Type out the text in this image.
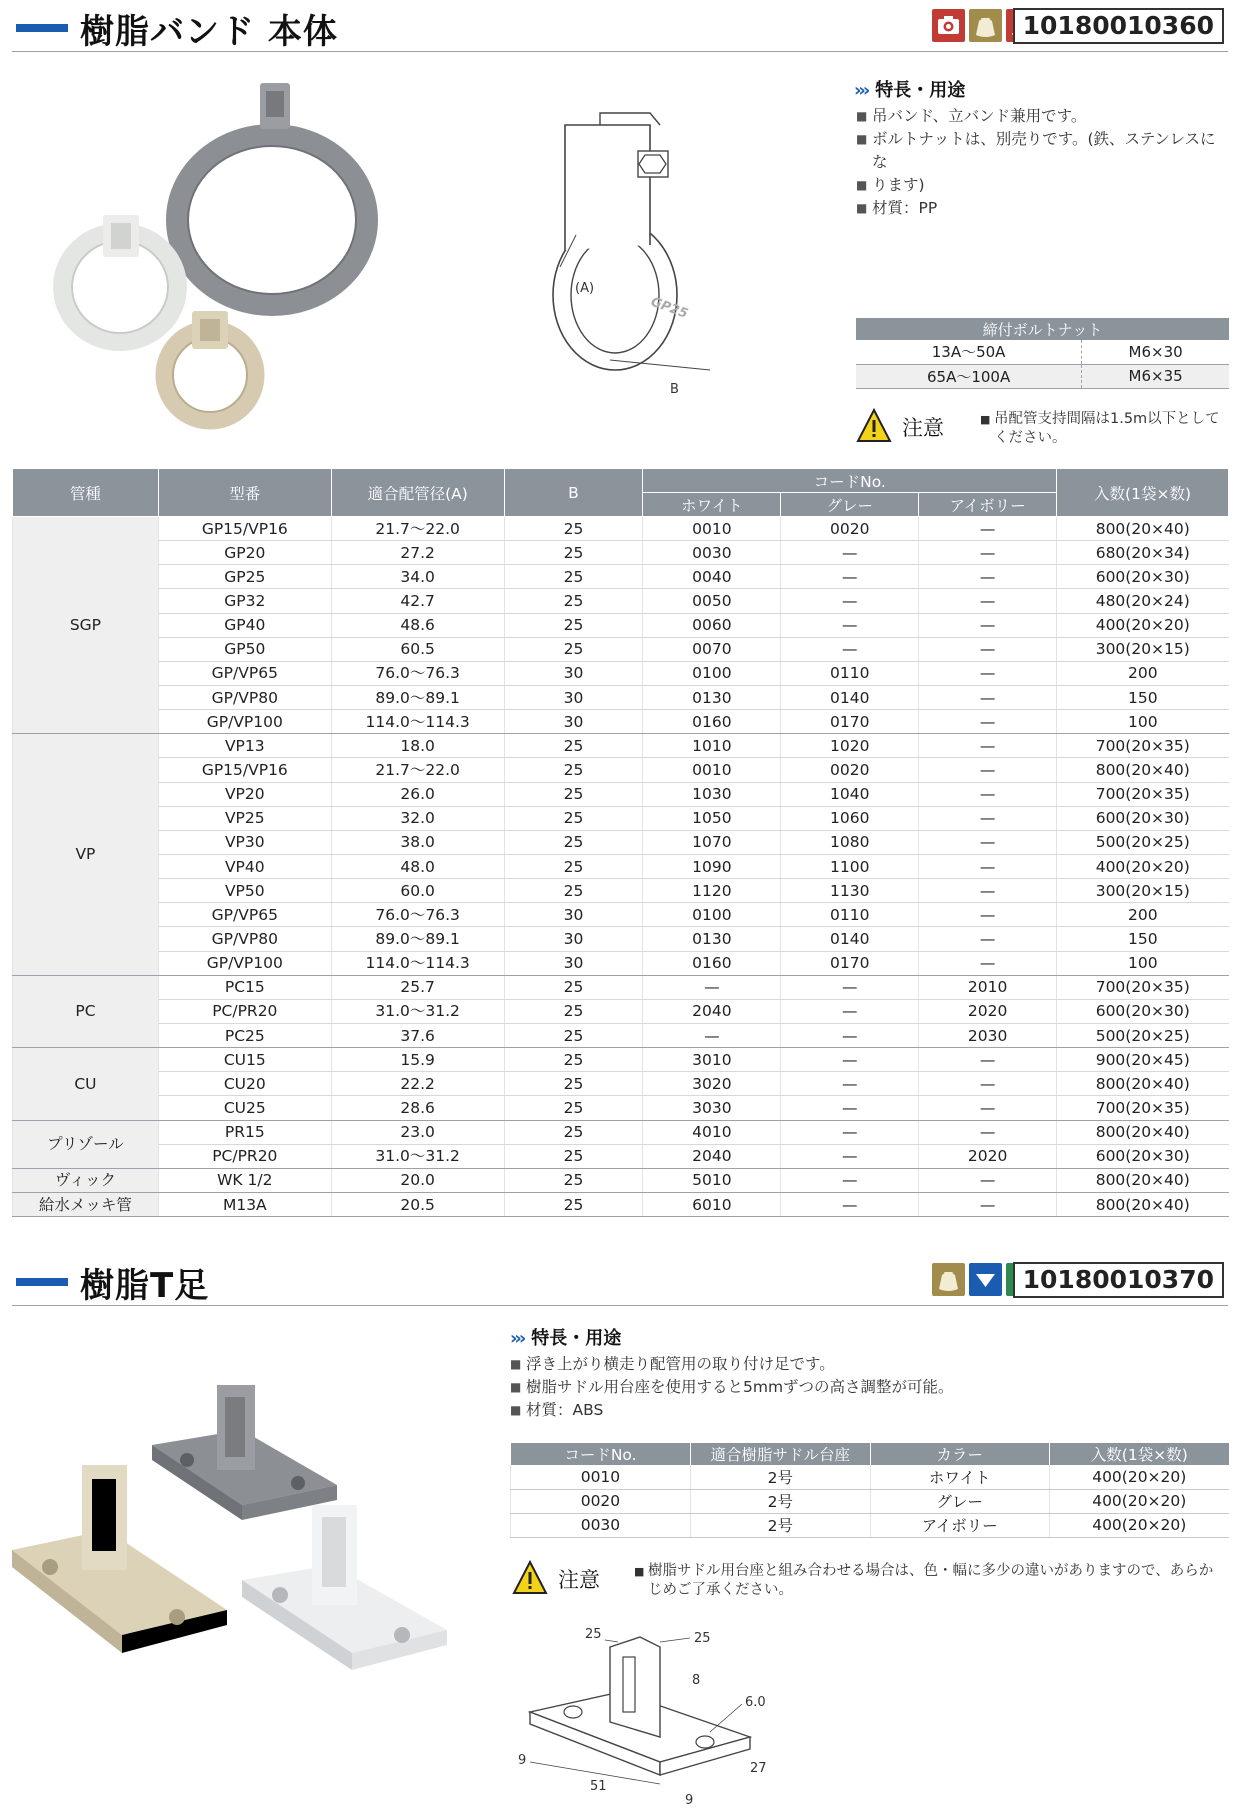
樹脂バンド 本体	10180010360
(A)
GP25
B
››› 特長・用途
■ 吊バンド、立バンド兼用です。
■ ボルトナットは、別売りです。(鉄、ステンレスにな
■ ります)
■ 材質：PP
締付ボルトナット	
13A～50A	M6×30
65A～100A	M6×35
注意	■ 吊配管支持間隔は1.5m以下として
ください。
管種	型番	適合配管径(A)	B	コードNo.			入数(1袋×数)
				ホワイト	グレー	アイボリー	
SGP	GP15/VP16	21.7～22.0	25	0010	0020	—	800(20×40)
	GP20	27.2	25	0030	—	—	680(20×34)
	GP25	34.0	25	0040	—	—	600(20×30)
	GP32	42.7	25	0050	—	—	480(20×24)
	GP40	48.6	25	0060	—	—	400(20×20)
	GP50	60.5	25	0070	—	—	300(20×15)
	GP/VP65	76.0～76.3	30	0100	0110	—	200
	GP/VP80	89.0～89.1	30	0130	0140	—	150
	GP/VP100	114.0～114.3	30	0160	0170	—	100
VP	VP13	18.0	25	1010	1020	—	700(20×35)
	GP15/VP16	21.7～22.0	25	0010	0020	—	800(20×40)
	VP20	26.0	25	1030	1040	—	700(20×35)
	VP25	32.0	25	1050	1060	—	600(20×30)
	VP30	38.0	25	1070	1080	—	500(20×25)
	VP40	48.0	25	1090	1100	—	400(20×20)
	VP50	60.0	25	1120	1130	—	300(20×15)
	GP/VP65	76.0～76.3	30	0100	0110	—	200
	GP/VP80	89.0～89.1	30	0130	0140	—	150
	GP/VP100	114.0～114.3	30	0160	0170	—	100
PC	PC15	25.7	25	—	—	2010	700(20×35)
	PC/PR20	31.0～31.2	25	2040	—	2020	600(20×30)
	PC25	37.6	25	—	—	2030	500(20×25)
CU	CU15	15.9	25	3010	—	—	900(20×45)
	CU20	22.2	25	3020	—	—	800(20×40)
	CU25	28.6	25	3030	—	—	700(20×35)
プリゾール	PR15	23.0	25	4010	—	—	800(20×40)
	PC/PR20	31.0～31.2	25	2040	—	2020	600(20×30)
ヴィック	WK 1/2	20.0	25	5010	—	—	800(20×40)
給水メッキ管	M13A	20.5	25	6010	—	—	800(20×40)
樹脂T足	10180010370
››› 特長・用途
■ 浮き上がり横走り配管用の取り付け足です。
■ 樹脂サドル用台座を使用すると5mmずつの高さ調整が可能。
■ 材質：ABS
コードNo.	適合樹脂サドル台座	カラー	入数(1袋×数)
0010	2号	ホワイト	400(20×20)
0020	2号	グレー	400(20×20)
0030	2号	アイボリー	400(20×20)
注意	■ 樹脂サドル用台座と組み合わせる場合は、色・幅に多少の違いがありますので、あらか
じめご了承ください。
25	25
8
6.0
9
51
27
9
